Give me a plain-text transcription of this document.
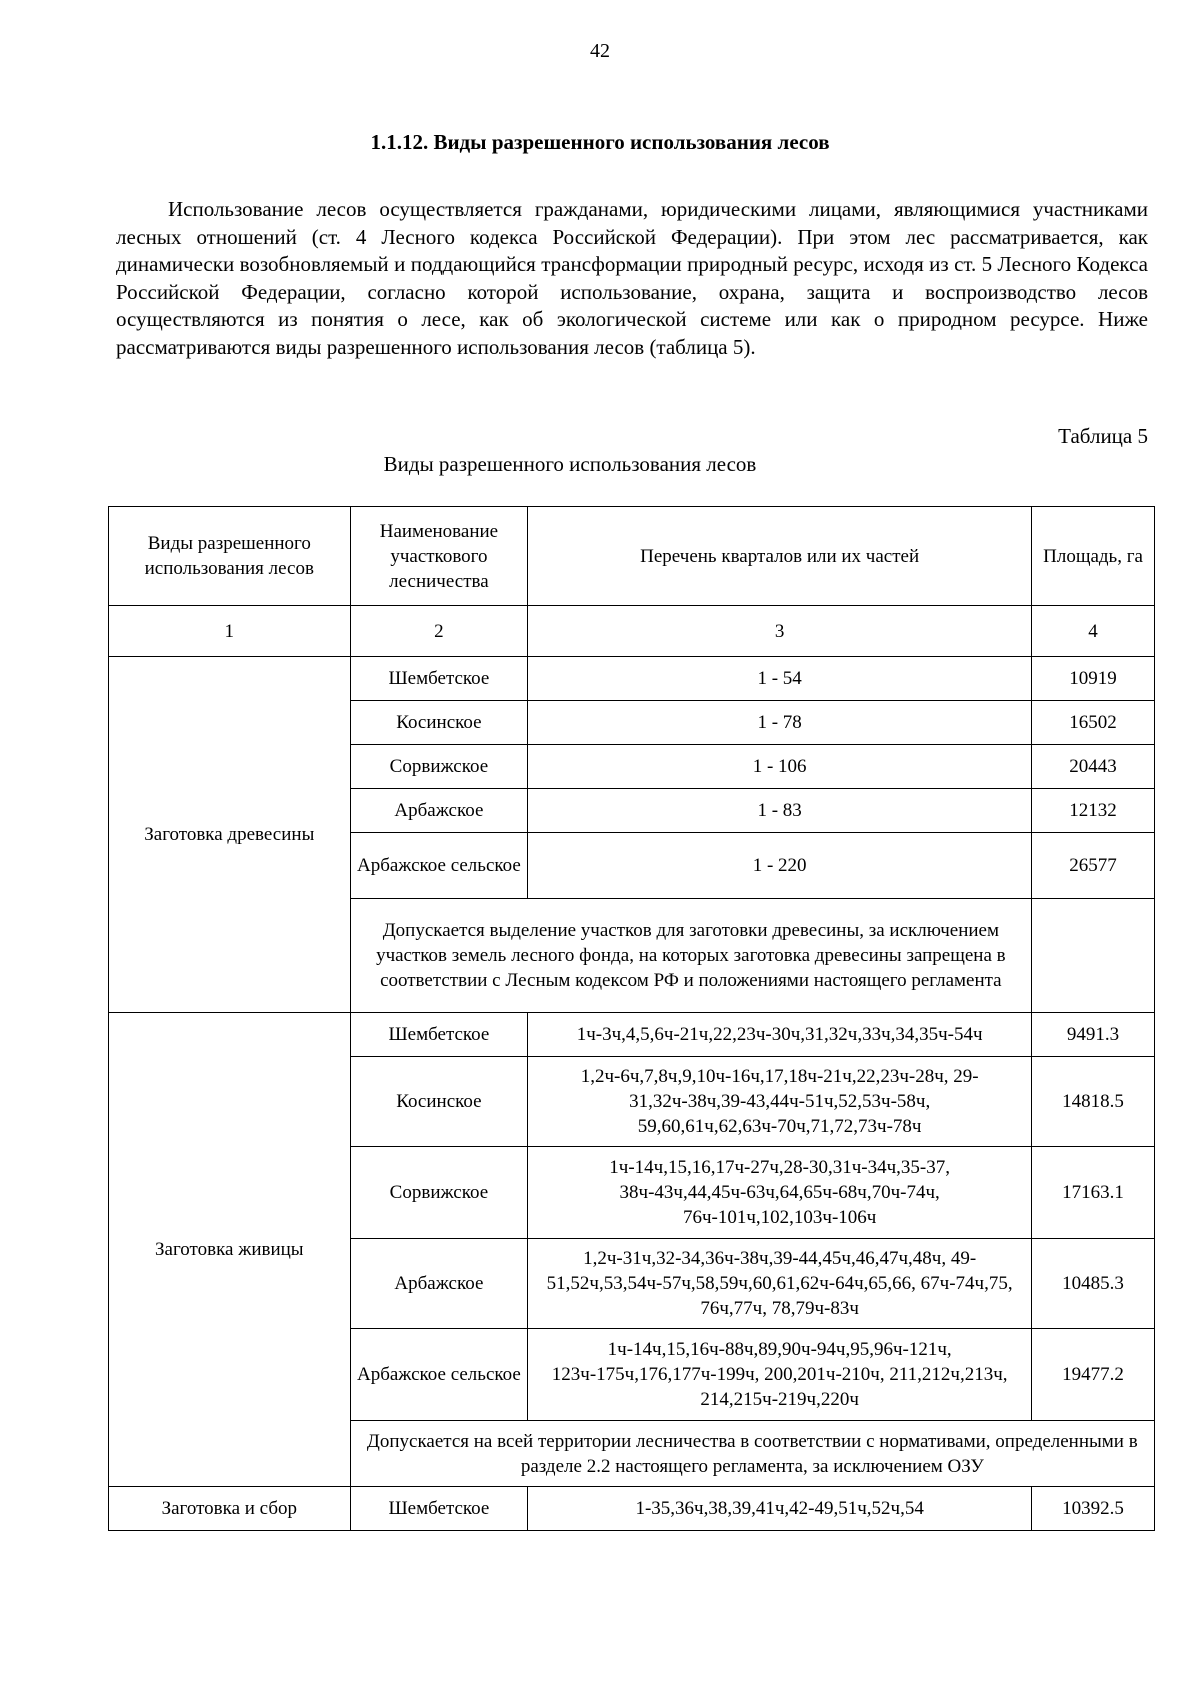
42
1.1.12. Виды разрешенного использования лесов

Использование лесов осуществляется гражданами, юридическими лицами, являющимися участниками лесных отношений (ст. 4 Лесного кодекса Российской Федерации). При этом лес рассматривается, как динамически возобновляемый и поддающийся трансформации природный ресурс, исходя из ст. 5 Лесного Кодекса Российской Федерации, согласно которой использование, охрана, защита и воспроизводство лесов осуществляются из понятия о лесе, как об экологической системе или как о природном ресурсе. Ниже рассматриваются виды разрешенного использования лесов (таблица 5).

Таблица 5
Виды разрешенного использования лесов
Виды разрешенного использования лесов	Наименование участкового лесничества	Перечень кварталов или их частей	Площадь, га
1	2	3	4
Заготовка древесины	Шембетское	1 - 54	10919
	Косинское	1 - 78	16502
	Сорвижское	1 - 106	20443
	Арбажское	1 - 83	12132
	Арбажское сельское	1 - 220	26577
	Допускается выделение участков для заготовки древесины, за исключением участков земель лесного фонда, на которых заготовка древесины запрещена в соответствии с Лесным кодексом РФ и положениями настоящего регламента		
Заготовка живицы	Шембетское	1ч-3ч,4,5,6ч-21ч,22,23ч-30ч,31,32ч,33ч,34,35ч-54ч	9491.3
	Косинское	1,2ч-6ч,7,8ч,9,10ч-16ч,17,18ч-21ч,22,23ч-28ч, 29-31,32ч-38ч,39-43,44ч-51ч,52,53ч-58ч, 59,60,61ч,62,63ч-70ч,71,72,73ч-78ч	14818.5
	Сорвижское	1ч-14ч,15,16,17ч-27ч,28-30,31ч-34ч,35-37, 38ч-43ч,44,45ч-63ч,64,65ч-68ч,70ч-74ч, 76ч-101ч,102,103ч-106ч	17163.1
	Арбажское	1,2ч-31ч,32-34,36ч-38ч,39-44,45ч,46,47ч,48ч, 49-51,52ч,53,54ч-57ч,58,59ч,60,61,62ч-64ч,65,66, 67ч-74ч,75, 76ч,77ч, 78,79ч-83ч	10485.3
	Арбажское сельское	1ч-14ч,15,16ч-88ч,89,90ч-94ч,95,96ч-121ч, 123ч-175ч,176,177ч-199ч, 200,201ч-210ч, 211,212ч,213ч, 214,215ч-219ч,220ч	19477.2
	Допускается на всей территории лесничества в соответствии с нормативами, определенными в разделе 2.2 настоящего регламента, за исключением ОЗУ		
Заготовка и сбор	Шембетское	1-35,36ч,38,39,41ч,42-49,51ч,52ч,54	10392.5
